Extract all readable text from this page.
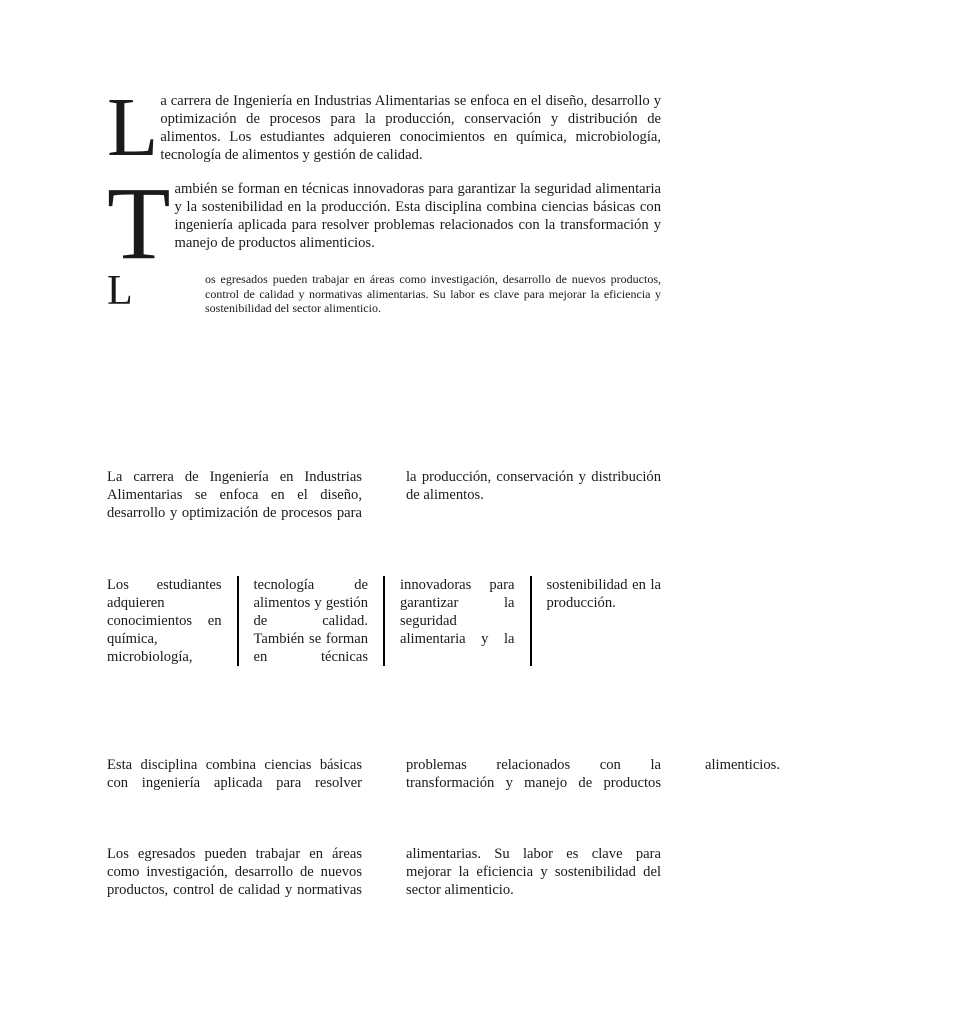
La carrera de Ingeniería en Industrias Alimentarias se enfoca en el diseño, desarrollo y optimización de procesos para la producción, conservación y distribución de alimentos. Los estudiantes adquieren conocimientos en química, microbiología, tecnología de alimentos y gestión de calidad.

También se forman en técnicas innovadoras para garantizar la seguridad alimentaria y la sostenibilidad en la producción. Esta disciplina combina ciencias básicas con ingeniería aplicada para resolver problemas relacionados con la transformación y manejo de productos alimenticios.

L	os egresados pueden trabajar en áreas como investigación, desarrollo de nuevos productos, control de calidad y normativas alimentarias. Su labor es clave para mejorar la eficiencia y sostenibilidad del sector alimenticio.

La carrera de Ingeniería en Industrias Alimentarias se enfoca en el diseño, desarrollo y optimización de procesos para la producción, conservación y distribución de alimentos.
Los estudiantes adquieren conocimientos en química, microbiología, tecnología de alimentos y gestión de calidad. También se forman en técnicas innovadoras para garantizar la seguridad alimentaria y la sostenibilidad en la producción.
Esta disciplina combina ciencias básicas con ingeniería aplicada para resolver problemas relacionados con la transformación y manejo de productos alimenticios.
Los egresados pueden trabajar en áreas como investigación, desarrollo de nuevos productos, control de calidad y normativas alimentarias. Su labor es clave para mejorar la eficiencia y sostenibilidad del sector alimenticio.
